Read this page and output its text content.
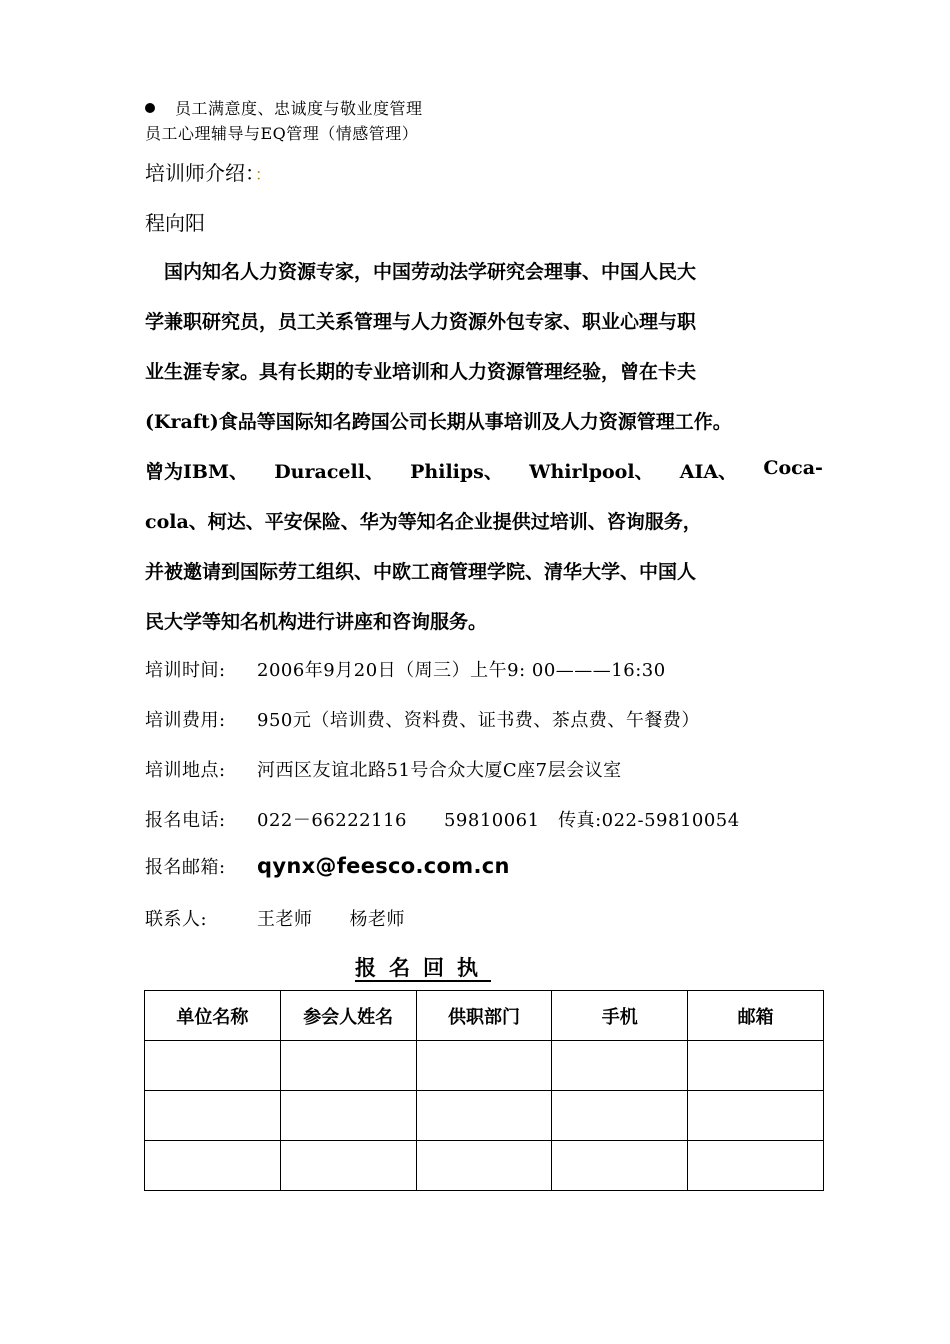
员工满意度、忠诚度与敬业度管理
员工心理辅导与EQ管理（情感管理）
培训师介绍：：
程向阳
　国内知名人力资源专家，中国劳动法学研究会理事、中国人民大
学兼职研究员，员工关系管理与人力资源外包专家、职业心理与职
业生涯专家。具有长期的专业培训和人力资源管理经验，曾在卡夫
(Kraft)食品等国际知名跨国公司长期从事培训及人力资源管理工作。
曾为IBM、 Duracell、 Philips、 Whirlpool、 AIA、 Coca-
cola、柯达、平安保险、华为等知名企业提供过培训、咨询服务，
并被邀请到国际劳工组织、中欧工商管理学院、清华大学、中国人
民大学等知名机构进行讲座和咨询服务。
培训时间: 2006年9月20日（周三）上午9: 00———16:30
培训费用: 950元（培训费、资料费、证书费、茶点费、午餐费）
培训地点: 河西区友谊北路51号合众大厦C座7层会议室
报名电话: 022－66222116　　59810061　传真:022-59810054
报名邮箱: qynx@feesco.com.cn
联系人:	王老师　　杨老师
报名回执
单位名称	参会人姓名	供职部门	手机	邮箱
